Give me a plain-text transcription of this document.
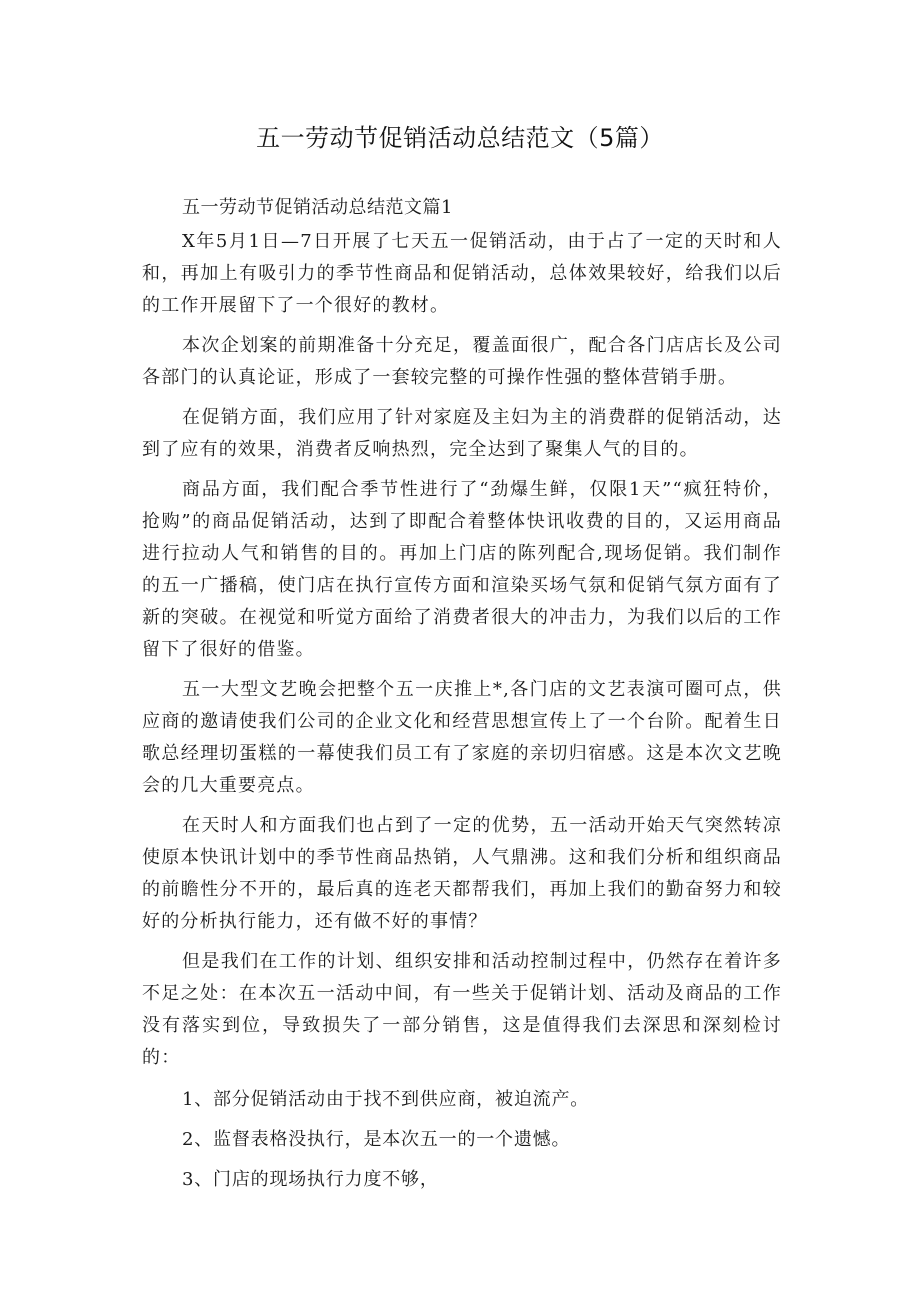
五一劳动节促销活动总结范文（5篇）

五一劳动节促销活动总结范文篇1

X年5月1日—7日开展了七天五一促销活动，由于占了一定的天时和人和，再加上有吸引力的季节性商品和促销活动，总体效果较好，给我们以后的工作开展留下了一个很好的教材。

本次企划案的前期准备十分充足，覆盖面很广，配合各门店店长及公司各部门的认真论证，形成了一套较完整的可操作性强的整体营销手册。

在促销方面，我们应用了针对家庭及主妇为主的消费群的促销活动，达到了应有的效果，消费者反响热烈，完全达到了聚集人气的目的。

商品方面，我们配合季节性进行了“劲爆生鲜，仅限1天”“疯狂特价，抢购”的商品促销活动，达到了即配合着整体快讯收费的目的，又运用商品进行拉动人气和销售的目的。再加上门店的陈列配合,现场促销。我们制作的五一广播稿，使门店在执行宣传方面和渲染买场气氛和促销气氛方面有了新的突破。在视觉和听觉方面给了消费者很大的冲击力，为我们以后的工作留下了很好的借鉴。

五一大型文艺晚会把整个五一庆推上*,各门店的文艺表演可圈可点，供应商的邀请使我们公司的企业文化和经营思想宣传上了一个台阶。配着生日歌总经理切蛋糕的一幕使我们员工有了家庭的亲切归宿感。这是本次文艺晚会的几大重要亮点。

在天时人和方面我们也占到了一定的优势，五一活动开始天气突然转凉使原本快讯计划中的季节性商品热销，人气鼎沸。这和我们分析和组织商品的前瞻性分不开的，最后真的连老天都帮我们，再加上我们的勤奋努力和较好的分析执行能力，还有做不好的事情？

但是我们在工作的计划、组织安排和活动控制过程中，仍然存在着许多不足之处：在本次五一活动中间，有一些关于促销计划、活动及商品的工作没有落实到位，导致损失了一部分销售，这是值得我们去深思和深刻检讨的：

1、部分促销活动由于找不到供应商，被迫流产。

2、监督表格没执行，是本次五一的一个遗憾。

3、门店的现场执行力度不够，
